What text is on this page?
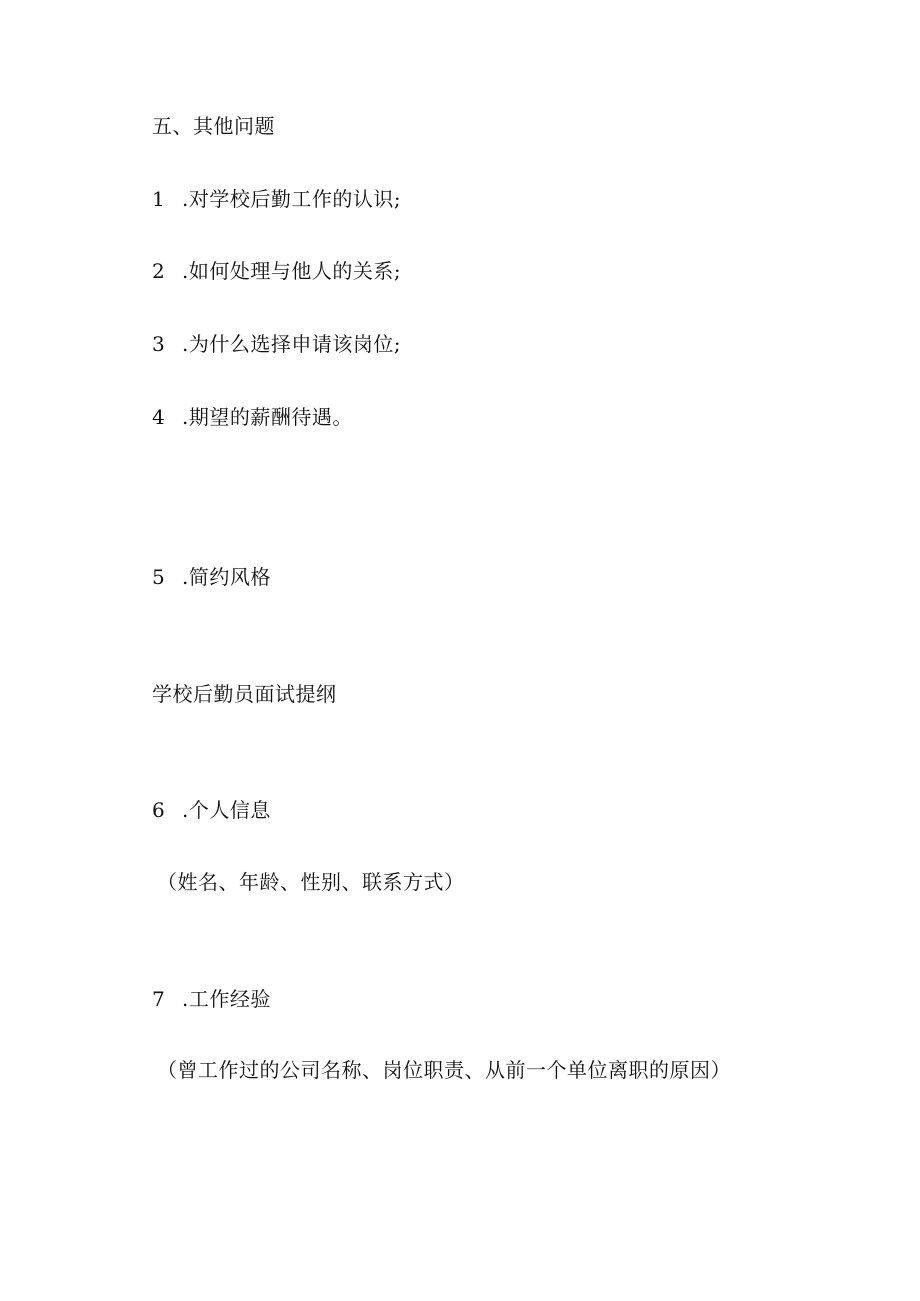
五、其他问题
1 .对学校后勤工作的认识;
2 .如何处理与他人的关系;
3 .为什么选择申请该岗位;
4 .期望的薪酬待遇。
5 .简约风格
学校后勤员面试提纲
6 .个人信息
（姓名、年龄、性别、联系方式）
7 .工作经验
（曾工作过的公司名称、岗位职责、从前一个单位离职的原因）
